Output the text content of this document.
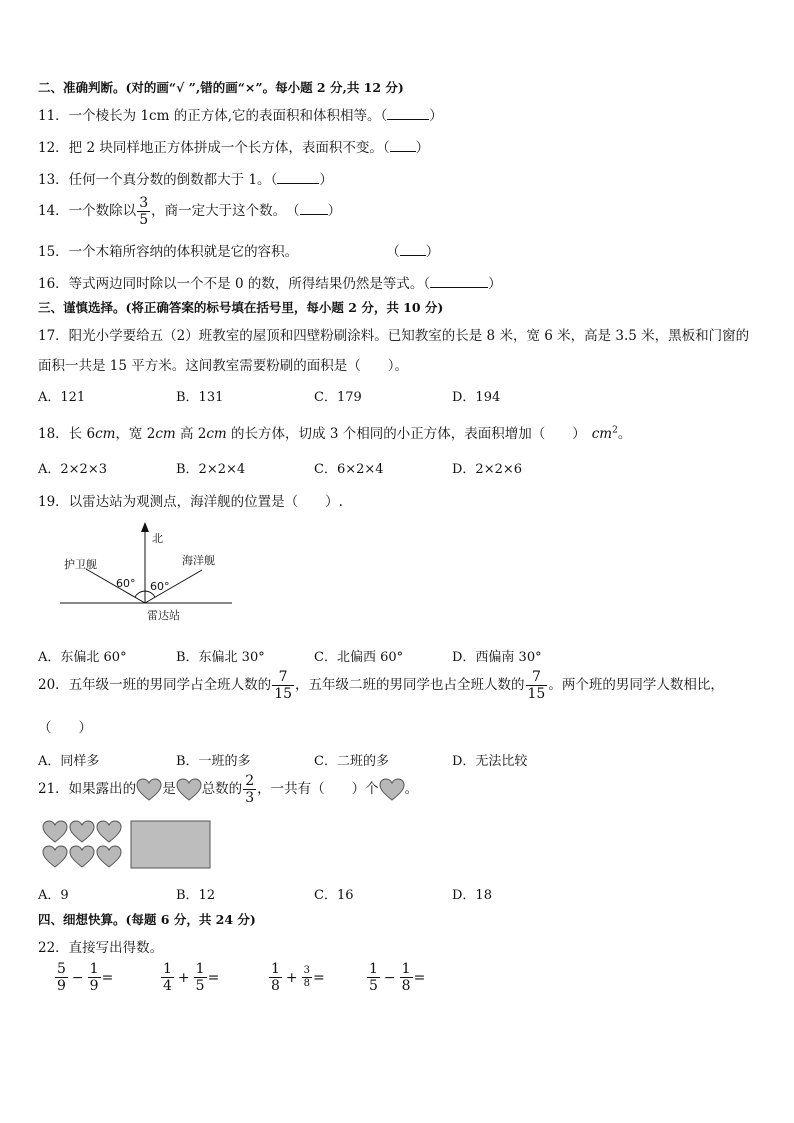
二、准确判断。(对的画“√ ”,错的画“×”。每小题 2 分,共 12 分)
11．一个棱长为 1cm 的正方体,它的表面积和体积相等。（	）
12．把 2 块同样地正方体拼成一个长方体，表面积不变。（ ）
13．任何一个真分数的倒数都大于 1。（	）
14．一个数除以 $\frac{3}{5}$ ，商一定大于这个数。　（ ）
15．一个木箱所容纳的体积就是它的容积。	（ ）
16．等式两边同时除以一个不是 0 的数，所得结果仍然是等式。（	）
三、谨慎选择。(将正确答案的标号填在括号里，每小题 2 分，共 10 分)
17．阳光小学要给五（2）班教室的屋顶和四壁粉刷涂料。已知教室的长是 8 米，宽 6 米，高是 3.5 米，黑板和门窗的
面积一共是 15 平方米。这间教室需要粉刷的面积是（　　）。
A．121	B．131	C．179	D．194
18．长 6cm，宽 2cm 高 2cm 的长方体，切成 3 个相同的小正方体，表面积增加（　　） $cm^2$。
A．2×2×3	B．2×2×4	C．6×2×4	D．2×2×6
19．以雷达站为观测点，海洋舰的位置是（　　）.
北
护卫舰	海洋舰
60° 60°
雷达站
A．东偏北 60°	B．东偏北 30°	C．北偏西 60°	D．西偏南 30°
20．五年级一班的男同学占全班人数的 $\frac{7}{15}$ ，五年级二班的男同学也占全班人数的 $\frac{7}{15}$ 。两个班的男同学人数相比，
（　　）
A．同样多	B．一班的多	C．二班的多	D．无法比较
21．如果露出的 是 总数的 $\frac{2}{3}$ ，一共有（　　）个 。
A．9	B．12	C．16	D．18
四、细想快算。(每题 6 分，共 24 分)
22．直接写出得数。
$\frac{5}{9} - \frac{1}{9}$ =	$\frac{1}{4} + \frac{1}{5}$ =	$\frac{1}{8} + \frac{3}{8}$ =	$\frac{1}{5} - \frac{1}{8}$ =
